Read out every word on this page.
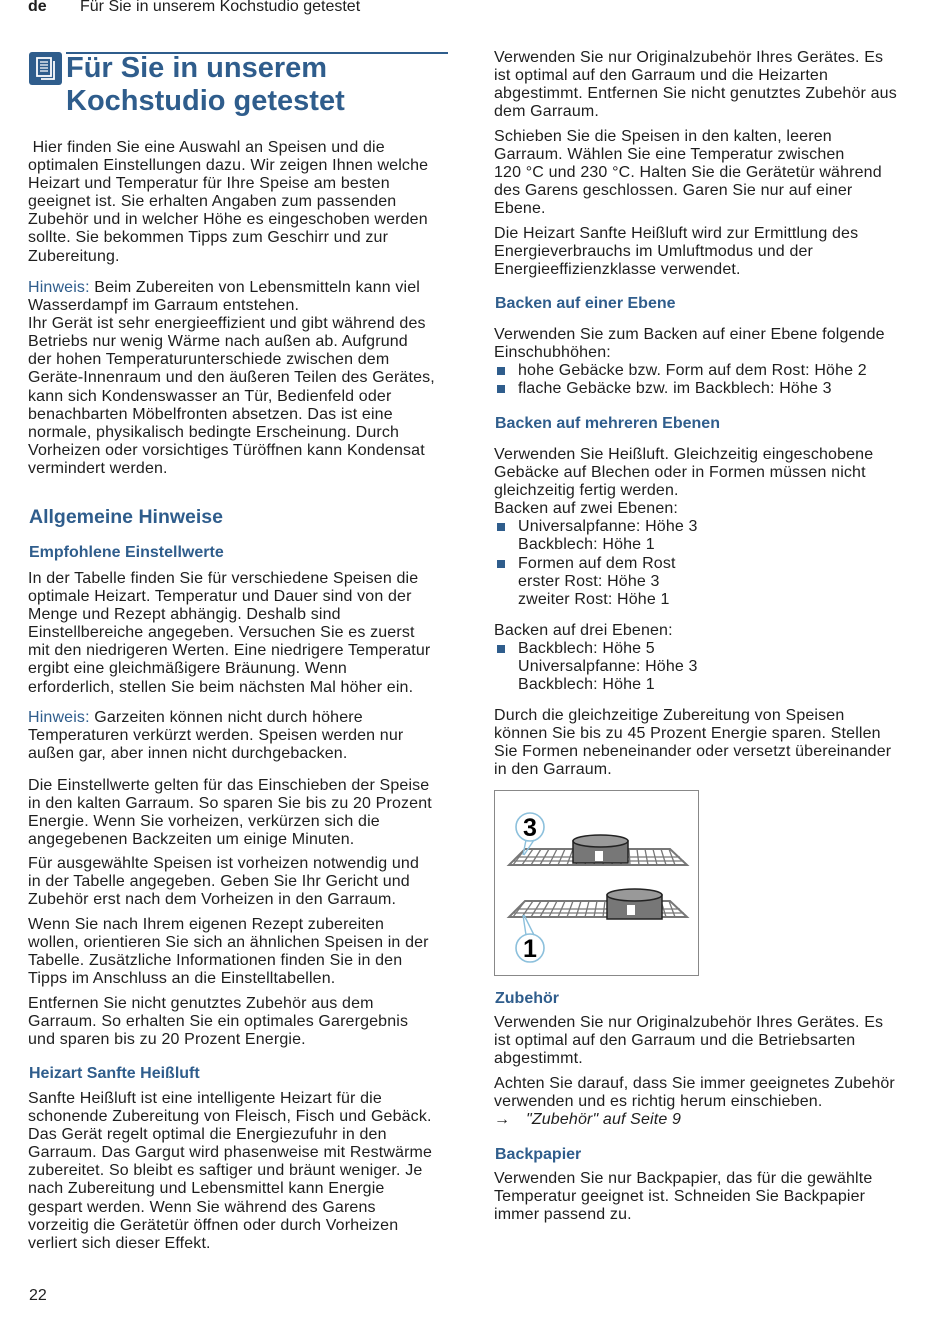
de Für Sie in unserem Kochstudio getestet
Für Sie in unserem
Kochstudio getestet
Hier finden Sie eine Auswahl an Speisen und die
optimalen Einstellungen dazu. Wir zeigen Ihnen welche
Heizart und Temperatur für Ihre Speise am besten
geeignet ist. Sie erhalten Angaben zum passenden
Zubehör und in welcher Höhe es eingeschoben werden
sollte. Sie bekommen Tipps zum Geschirr und zur
Zubereitung.
Hinweis: Beim Zubereiten von Lebensmitteln kann viel
Wasserdampf im Garraum entstehen.
Ihr Gerät ist sehr energieeffizient und gibt während des
Betriebs nur wenig Wärme nach außen ab. Aufgrund
der hohen Temperaturunterschiede zwischen dem
Geräte-Innenraum und den äußeren Teilen des Gerätes,
kann sich Kondenswasser an Tür, Bedienfeld oder
benachbarten Möbelfronten absetzen. Das ist eine
normale, physikalisch bedingte Erscheinung. Durch
Vorheizen oder vorsichtiges Türöffnen kann Kondensat
vermindert werden.
Allgemeine Hinweise
Empfohlene Einstellwerte
In der Tabelle finden Sie für verschiedene Speisen die
optimale Heizart. Temperatur und Dauer sind von der
Menge und Rezept abhängig. Deshalb sind
Einstellbereiche angegeben. Versuchen Sie es zuerst
mit den niedrigeren Werten. Eine niedrigere Temperatur
ergibt eine gleichmäßigere Bräunung. Wenn
erforderlich, stellen Sie beim nächsten Mal höher ein.
Hinweis: Garzeiten können nicht durch höhere
Temperaturen verkürzt werden. Speisen werden nur
außen gar, aber innen nicht durchgebacken.
Die Einstellwerte gelten für das Einschieben der Speise
in den kalten Garraum. So sparen Sie bis zu 20 Prozent
Energie. Wenn Sie vorheizen, verkürzen sich die
angegebenen Backzeiten um einige Minuten.
Für ausgewählte Speisen ist vorheizen notwendig und
in der Tabelle angegeben. Geben Sie Ihr Gericht und
Zubehör erst nach dem Vorheizen in den Garraum.
Wenn Sie nach Ihrem eigenen Rezept zubereiten
wollen, orientieren Sie sich an ähnlichen Speisen in der
Tabelle. Zusätzliche Informationen finden Sie in den
Tipps im Anschluss an die Einstelltabellen.
Entfernen Sie nicht genutztes Zubehör aus dem
Garraum. So erhalten Sie ein optimales Garergebnis
und sparen bis zu 20 Prozent Energie.
Heizart Sanfte Heißluft
Sanfte Heißluft ist eine intelligente Heizart für die
schonende Zubereitung von Fleisch, Fisch und Gebäck.
Das Gerät regelt optimal die Energiezufuhr in den
Garraum. Das Gargut wird phasenweise mit Restwärme
zubereitet. So bleibt es saftiger und bräunt weniger. Je
nach Zubereitung und Lebensmittel kann Energie
gespart werden. Wenn Sie während des Garens
vorzeitig die Gerätetür öffnen oder durch Vorheizen
verliert sich dieser Effekt.
22
Verwenden Sie nur Originalzubehör Ihres Gerätes. Es
ist optimal auf den Garraum und die Heizarten
abgestimmt. Entfernen Sie nicht genutztes Zubehör aus
dem Garraum.
Schieben Sie die Speisen in den kalten, leeren
Garraum. Wählen Sie eine Temperatur zwischen
120 °C und 230 °C. Halten Sie die Gerätetür während
des Garens geschlossen. Garen Sie nur auf einer
Ebene.
Die Heizart Sanfte Heißluft wird zur Ermittlung des
Energieverbrauchs im Umluftmodus und der
Energieeffizienzklasse verwendet.
Backen auf einer Ebene
Verwenden Sie zum Backen auf einer Ebene folgende
Einschubhöhen:
hohe Gebäcke bzw. Form auf dem Rost: Höhe 2
flache Gebäcke bzw. im Backblech: Höhe 3
Backen auf mehreren Ebenen
Verwenden Sie Heißluft. Gleichzeitig eingeschobene
Gebäcke auf Blechen oder in Formen müssen nicht
gleichzeitig fertig werden.
Backen auf zwei Ebenen:
Universalpfanne: Höhe 3
Backblech: Höhe 1
Formen auf dem Rost
erster Rost: Höhe 3
zweiter Rost: Höhe 1
Backen auf drei Ebenen:
Backblech: Höhe 5
Universalpfanne: Höhe 3
Backblech: Höhe 1
Durch die gleichzeitige Zubereitung von Speisen
können Sie bis zu 45 Prozent Energie sparen. Stellen
Sie Formen nebeneinander oder versetzt übereinander
in den Garraum.
3
1
Zubehör
Verwenden Sie nur Originalzubehör Ihres Gerätes. Es
ist optimal auf den Garraum und die Betriebsarten
abgestimmt.
Achten Sie darauf, dass Sie immer geeignetes Zubehör
verwenden und es richtig herum einschieben.
→ "Zubehör" auf Seite 9
Backpapier
Verwenden Sie nur Backpapier, das für die gewählte
Temperatur geeignet ist. Schneiden Sie Backpapier
immer passend zu.
